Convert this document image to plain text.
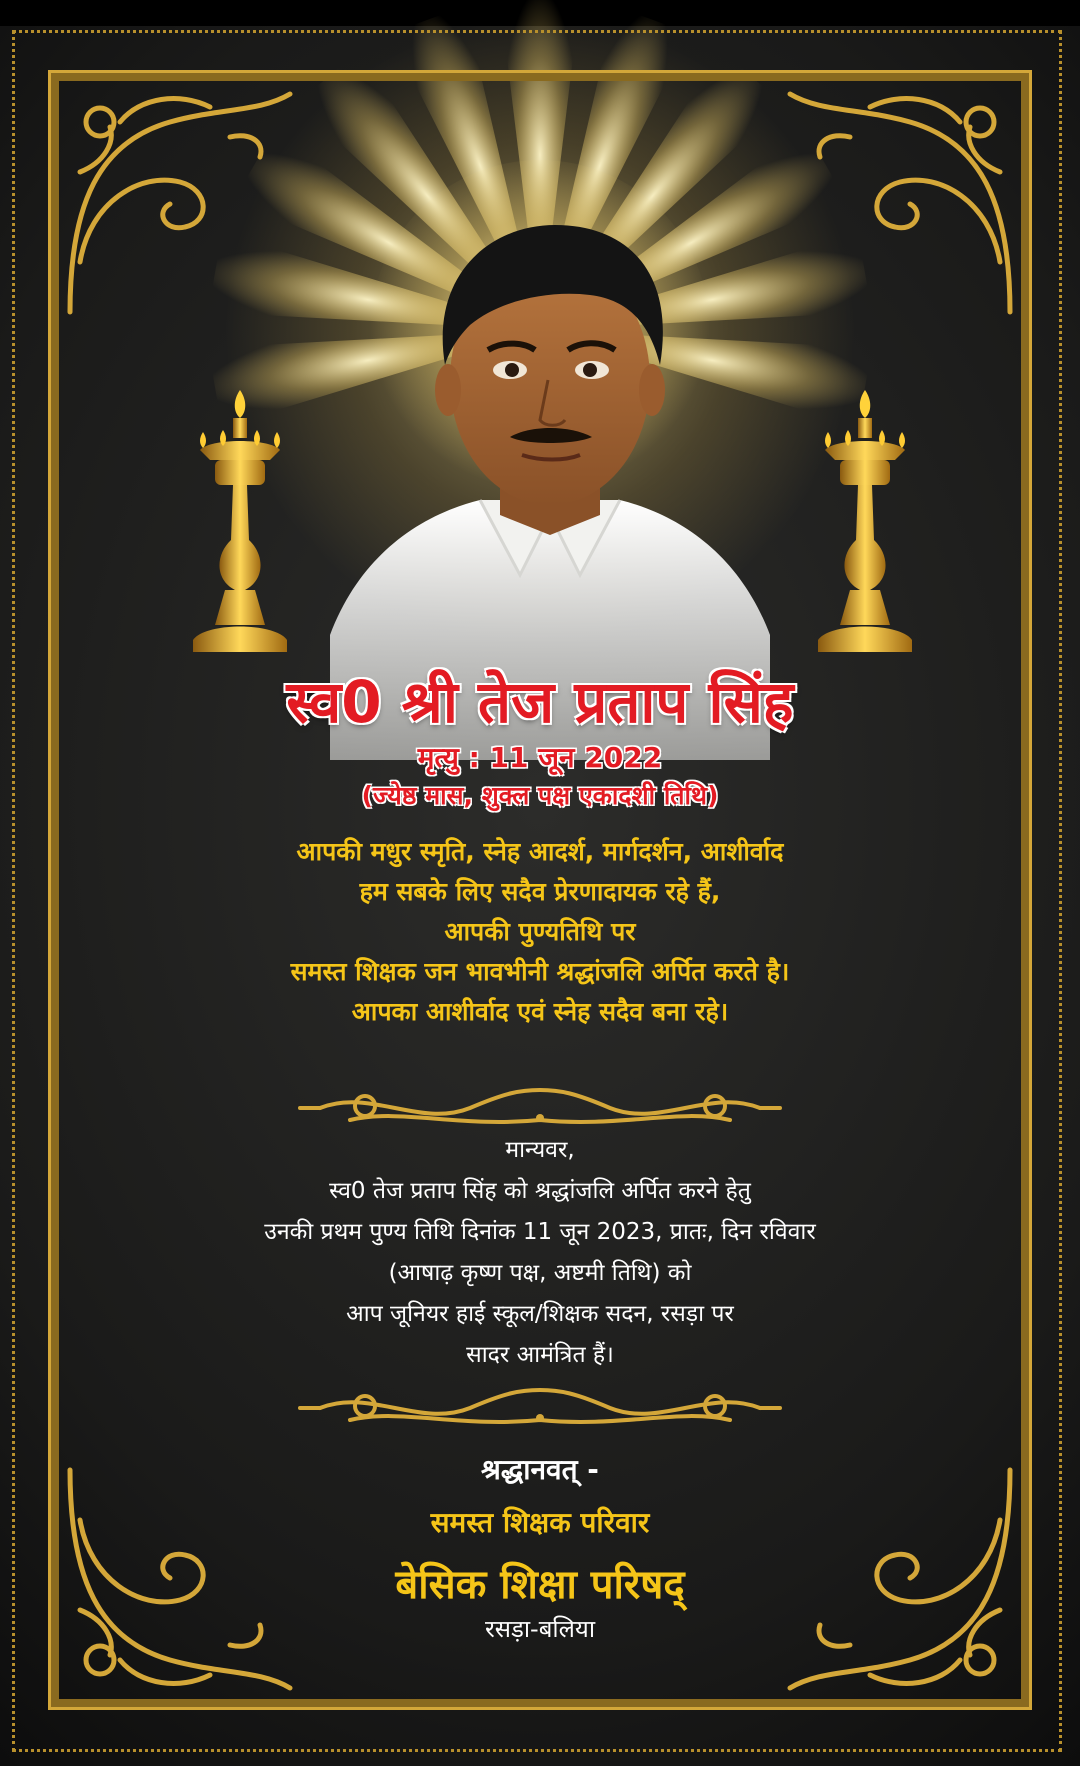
स्व0 श्री तेज प्रताप सिंह
मृत्यु : 11 जून 2022
(ज्येष्ठ मास, शुक्ल पक्ष एकादशी तिथि)
आपकी मधुर स्मृति, स्नेह आदर्श, मार्गदर्शन, आशीर्वाद
हम सबके लिए सदैव प्रेरणादायक रहे हैं,
आपकी पुण्यतिथि पर
समस्त शिक्षक जन भावभीनी श्रद्धांजलि अर्पित करते है।
आपका आशीर्वाद एवं स्नेह सदैव बना रहे।
मान्यवर,
स्व0 तेज प्रताप सिंह को श्रद्धांजलि अर्पित करने हेतु
उनकी प्रथम पुण्य तिथि दिनांक 11 जून 2023, प्रातः, दिन रविवार
(आषाढ़ कृष्ण पक्ष, अष्टमी तिथि) को
आप जूनियर हाई स्कूल/शिक्षक सदन, रसड़ा पर
सादर आमंत्रित हैं।
श्रद्धानवत् -
समस्त शिक्षक परिवार
बेसिक शिक्षा परिषद्
रसड़ा-बलिया
